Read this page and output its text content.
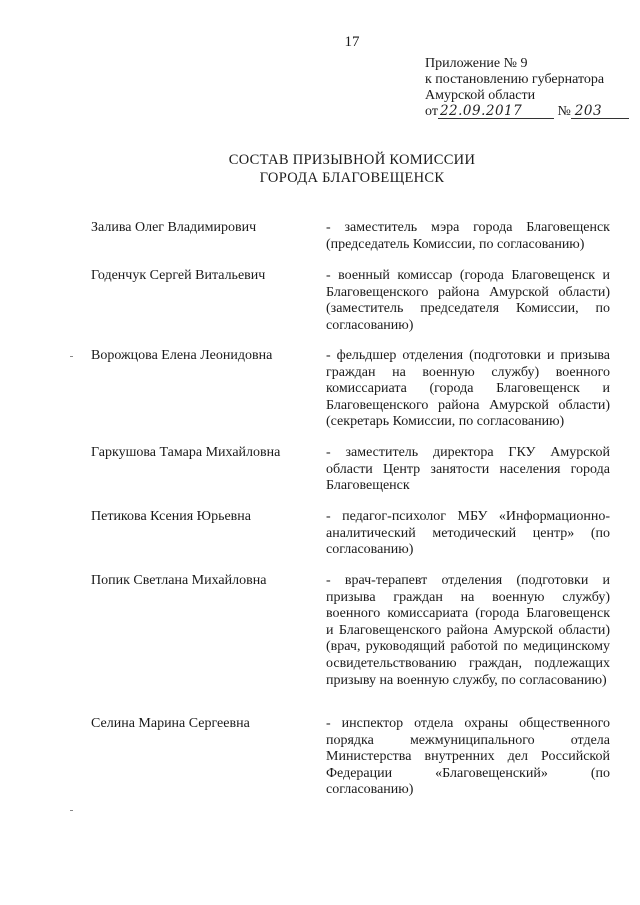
17
Приложение № 9
к постановлению губернатора
Амурской области
от 22.09.2017	№ 203
СОСТАВ ПРИЗЫВНОЙ КОМИССИИ
ГОРОДА БЛАГОВЕЩЕНСК
Залива Олег Владимирович	- заместитель мэра города Благовещенск (председатель Комиссии, по согласованию)
Годенчук Сергей Витальевич	- военный комиссар (города Благовещенск и Благовещенского района Амурской области) (заместитель председателя Комиссии, по согласованию)
Ворожцова Елена Леонидовна	- фельдшер отделения (подготовки и призыва граждан на военную службу) военного комиссариата (города Благовещенск и Благовещенского района Амурской области) (секретарь Комиссии, по согласованию)
Гаркушова Тамара Михайловна	- заместитель директора ГКУ Амурской области Центр занятости населения города Благовещенск
Петикова Ксения Юрьевна	- педагог-психолог МБУ «Информационно-аналитический методический центр» (по согласованию)
Попик Светлана Михайловна	- врач-терапевт отделения (подготовки и призыва граждан на военную службу) военного комиссариата (города Благовещенск и Благовещенского района Амурской области) (врач, руководящий работой по медицинскому освидетельствованию граждан, подлежащих призыву на военную службу, по согласованию)
Селина Марина Сергеевна	- инспектор отдела охраны общественного порядка межмуниципального отдела Министерства внутренних дел Российской Федерации «Благовещенский» (по согласованию)
